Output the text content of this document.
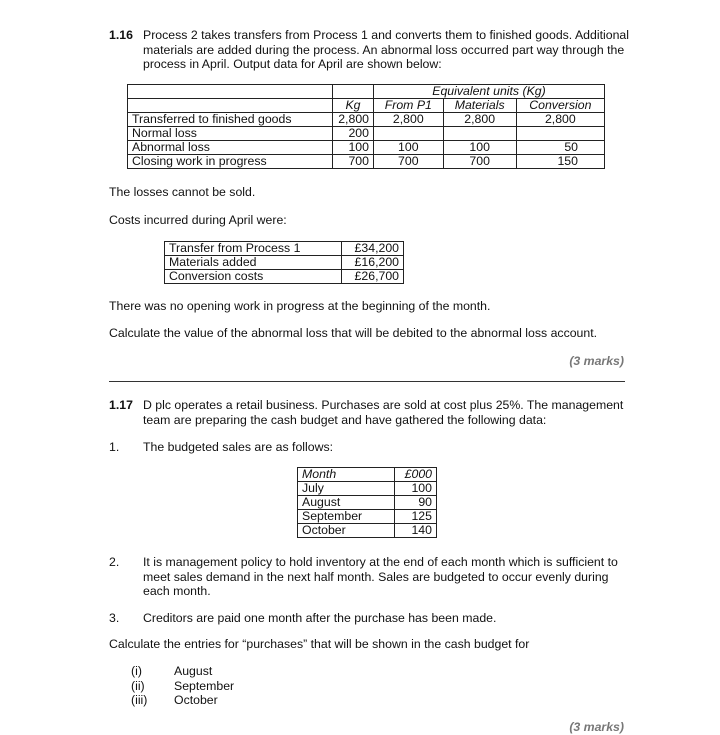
1.16 Process 2 takes transfers from Process 1 and converts them to finished goods. Additional
materials are added during the process. An abnormal loss occurred part way through the
process in April. Output data for April are shown below:
		Equivalent units (Kg)		
	Kg	From P1	Materials	Conversion
Transferred to finished goods	2,800	2,800	2,800	2,800
Normal loss	200			
Abnormal loss	100	100	100	50
Closing work in progress	700	700	700	150
The losses cannot be sold.
Costs incurred during April were:
Transfer from Process 1	£34,200
Materials added	£16,200
Conversion costs	£26,700
There was no opening work in progress at the beginning of the month.
Calculate the value of the abnormal loss that will be debited to the abnormal loss account.
(3 marks)
1.17 D plc operates a retail business. Purchases are sold at cost plus 25%. The management
team are preparing the cash budget and have gathered the following data:
1. The budgeted sales are as follows:
Month	£000
July	100
August	90
September	125
October	140
2. It is management policy to hold inventory at the end of each month which is sufficient to
meet sales demand in the next half month. Sales are budgeted to occur evenly during
each month.
3. Creditors are paid one month after the purchase has been made.
Calculate the entries for “purchases” that will be shown in the cash budget for
(i)
(ii)
(iii)
August
September
October
(3 marks)
